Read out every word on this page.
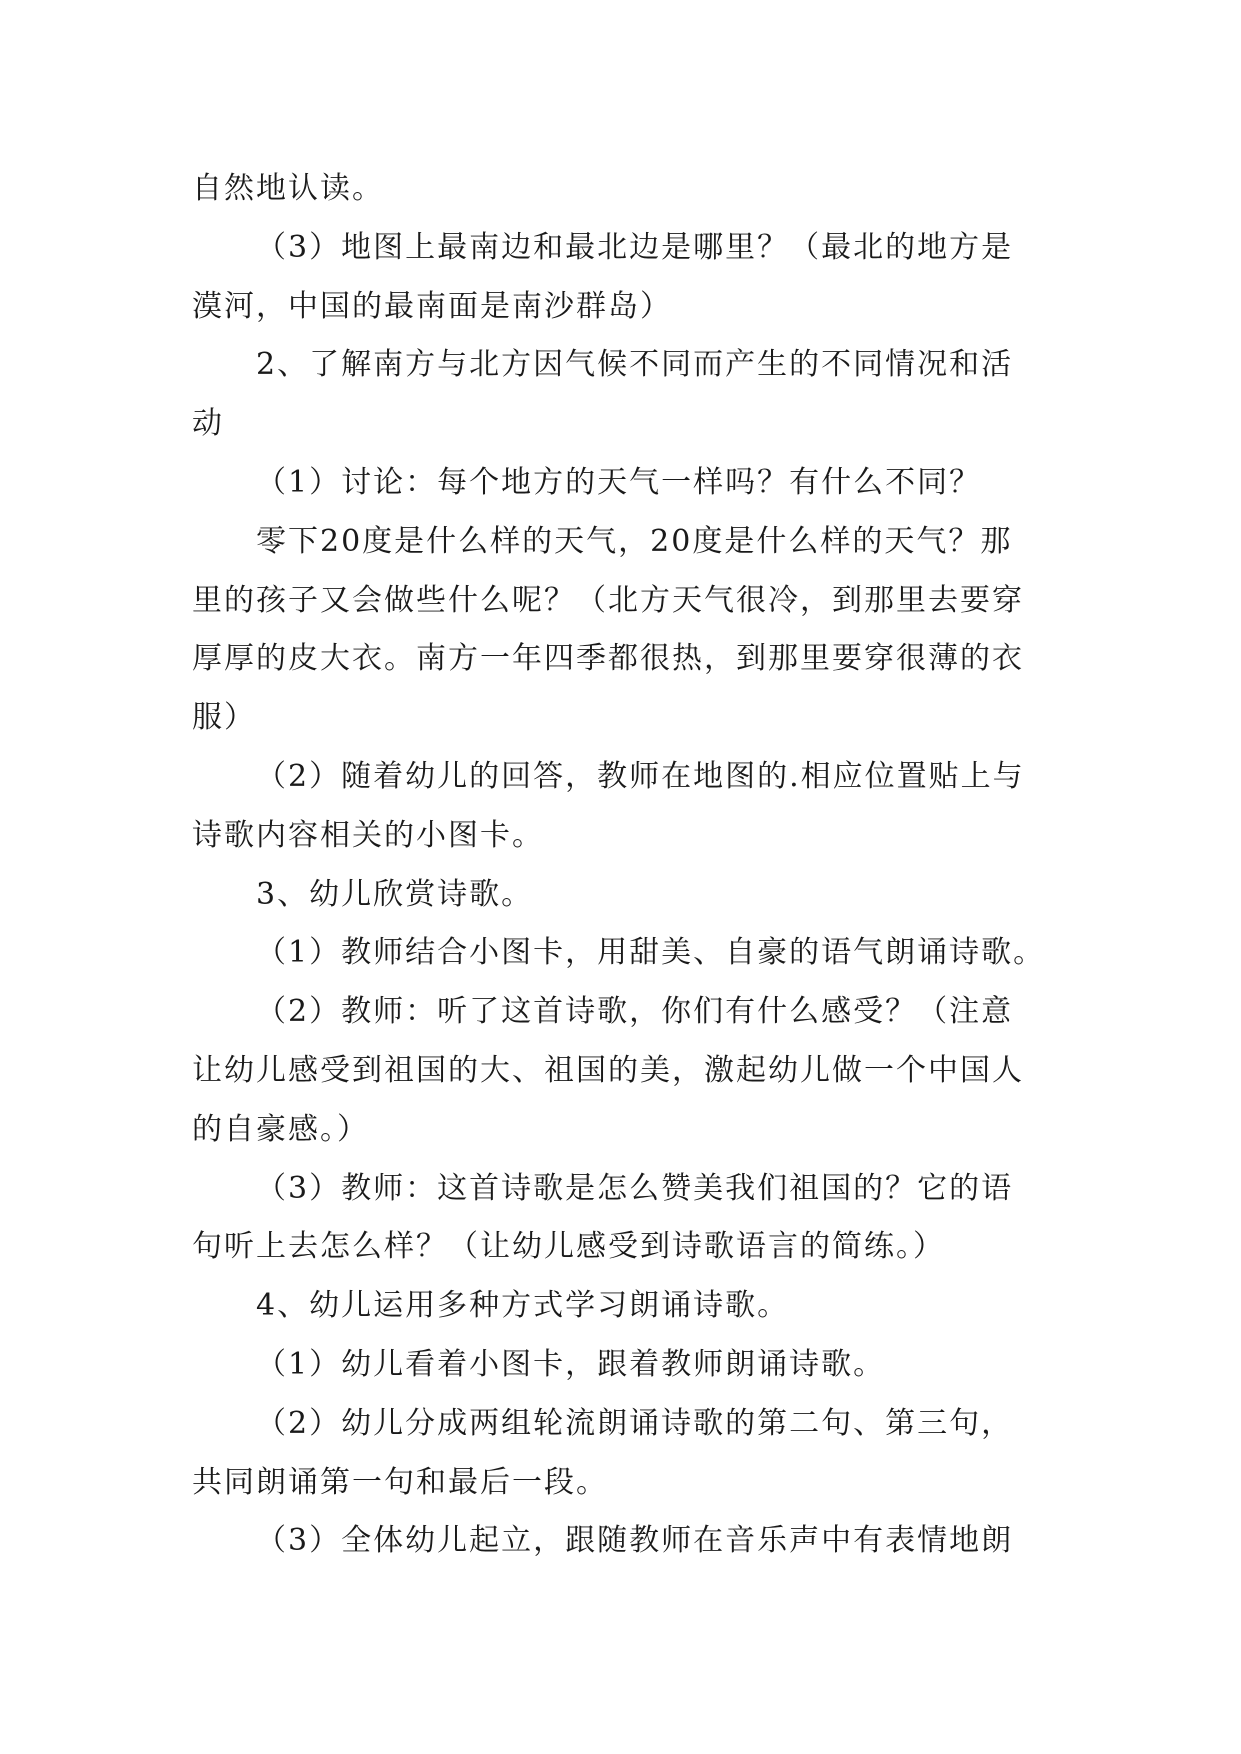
自然地认读。
（3）地图上最南边和最北边是哪里？（最北的地方是
漠河，中国的最南面是南沙群岛）
2、了解南方与北方因气候不同而产生的不同情况和活
动
（1）讨论：每个地方的天气一样吗？有什么不同？
零下20度是什么样的天气，20度是什么样的天气？那
里的孩子又会做些什么呢？（北方天气很冷，到那里去要穿
厚厚的皮大衣。南方一年四季都很热，到那里要穿很薄的衣
服）
（2）随着幼儿的回答，教师在地图的.相应位置贴上与
诗歌内容相关的小图卡。
3、幼儿欣赏诗歌。
（1）教师结合小图卡，用甜美、自豪的语气朗诵诗歌。
（2）教师：听了这首诗歌，你们有什么感受？（注意
让幼儿感受到祖国的大、祖国的美，激起幼儿做一个中国人
的自豪感。）
（3）教师：这首诗歌是怎么赞美我们祖国的？它的语
句听上去怎么样？（让幼儿感受到诗歌语言的简练。）
4、幼儿运用多种方式学习朗诵诗歌。
（1）幼儿看着小图卡，跟着教师朗诵诗歌。
（2）幼儿分成两组轮流朗诵诗歌的第二句、第三句，
共同朗诵第一句和最后一段。
（3）全体幼儿起立，跟随教师在音乐声中有表情地朗
